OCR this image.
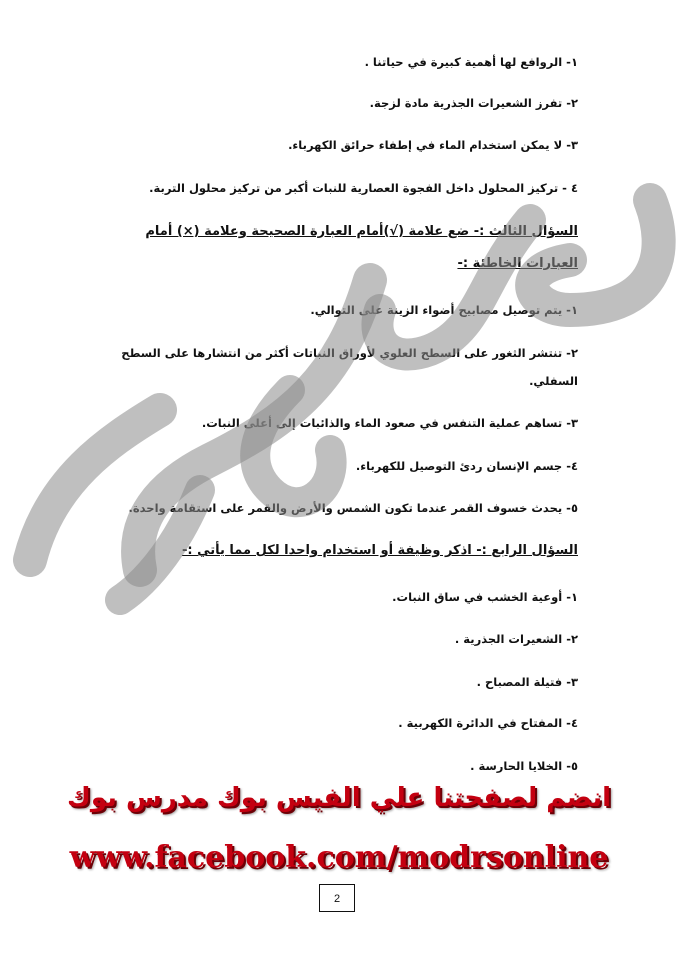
١- الروافع لها أهمية كبيرة في حياتنا .
٢- تفرز الشعيرات الجذرية مادة لزجة.
٣- لا يمكن استخدام الماء في إطفاء حرائق الكهرباء.
٤ - تركيز المحلول داخل الفجوة العصارية للنبات أكبر من تركيز محلول التربة.
السؤال الثالث :- ضع علامة (√)أمام العبارة الصحيحة وعلامة (×) أمام
العبارات الخاطئة :-
١- يتم توصيل مصابيح أضواء الزينة على التوالي.
٢- تنتشر الثغور على السطح العلوي لأوراق النباتات أكثر من انتشارها على السطح
السفلي.
٣- تساهم عملية التنفس في صعود الماء والذائبات إلى أعلى النبات.
٤- جسم الإنسان ردئ التوصيل للكهرباء.
٥- يحدث خسوف القمر عندما تكون الشمس والأرض والقمر على استقامة واحدة.
السؤال الرابع :- اذكر وظيفة أو استخدام واحدا لكل مما يأتي :-
١- أوعية الخشب في ساق النبات.
٢- الشعيرات الجذرية .
٣- فتيلة المصباح .
٤- المفتاح في الدائرة الكهربية .
٥- الخلايا الحارسة .
انضم لصفحتنا علي الفيس بوك مدرس بوك
www.facebook.com/modrsonline
2
